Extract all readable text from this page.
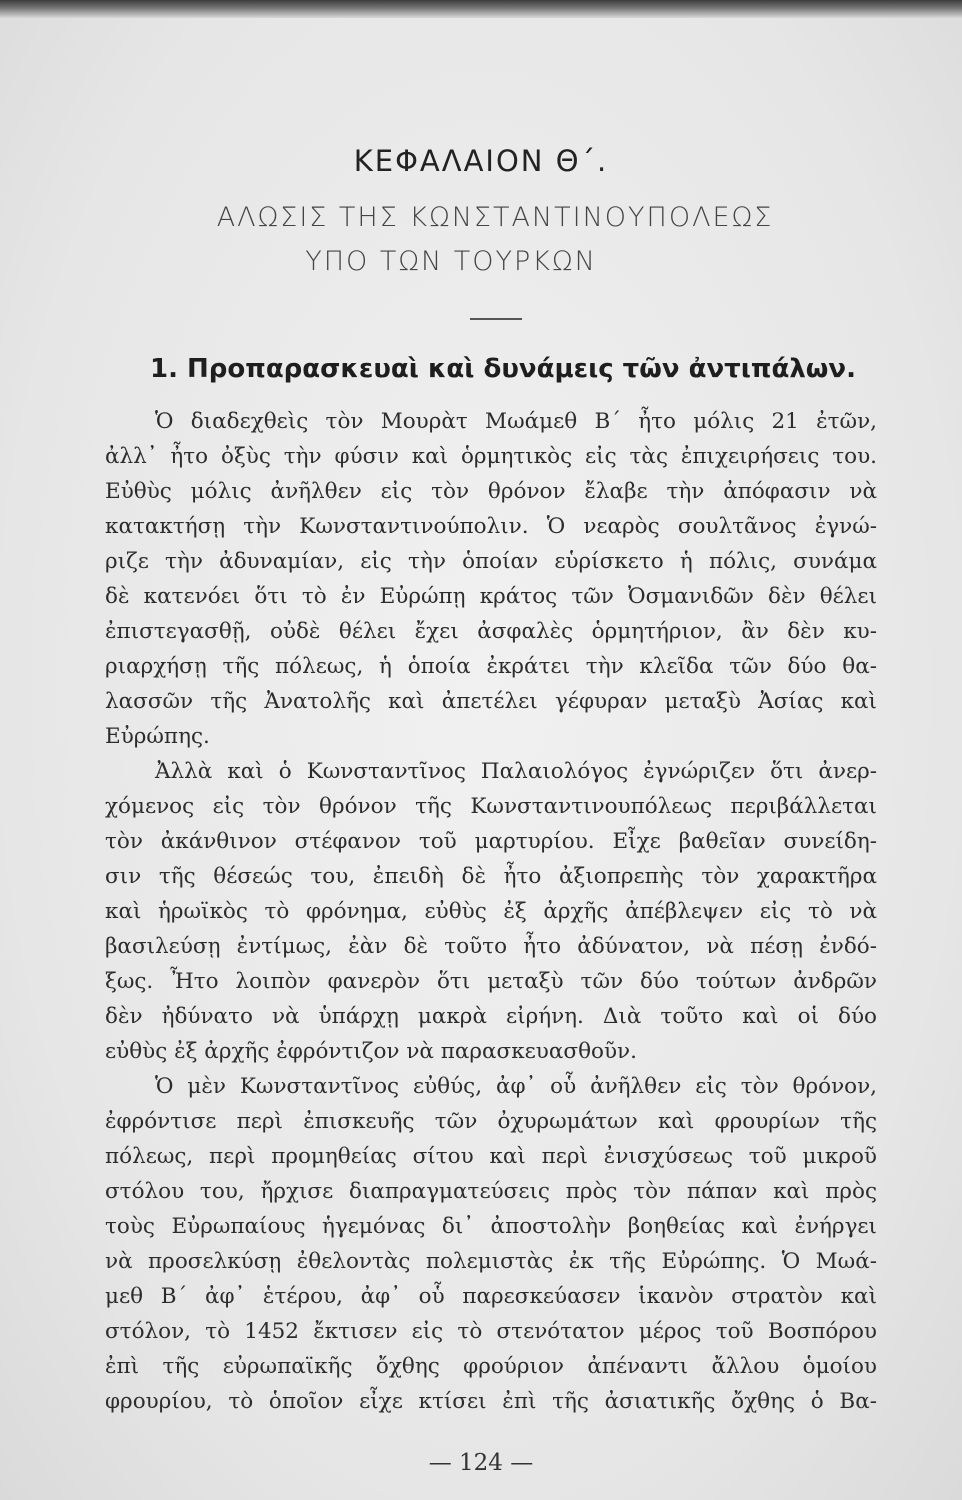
ΚΕΦΑΛΑΙΟΝ Θ΄.
ΑΛΩΣΙΣ ΤΗΣ ΚΩΝΣΤΑΝΤΙΝΟΥΠΟΛΕΩΣ
ΥΠΟ ΤΩΝ ΤΟΥΡΚΩΝ
1. Προπαρασκευαὶ καὶ δυνάμεις τῶν ἀντιπάλων.
Ὁ διαδεχθεὶς τὸν Μουρὰτ Μωάμεθ Β΄ ἦτο μόλις 21 ἐτῶν,
ἀλλ᾽ ἦτο ὀξὺς τὴν φύσιν καὶ ὁρμητικὸς εἰς τὰς ἐπιχειρήσεις του.
Εὐθὺς μόλις ἀνῆλθεν εἰς τὸν θρόνον ἔλαβε τὴν ἀπόφασιν νὰ
κατακτήσῃ τὴν Κωνσταντινούπολιν. Ὁ νεαρὸς σουλτᾶνος ἐγνώ-
ριζε τὴν ἀδυναμίαν, εἰς τὴν ὁποίαν εὑρίσκετο ἡ πόλις, συνάμα
δὲ κατενόει ὅτι τὸ ἐν Εὐρώπῃ κράτος τῶν Ὀσμανιδῶν δὲν θέλει
ἐπιστεγασθῇ, οὐδὲ θέλει ἔχει ἀσφαλὲς ὁρμητήριον, ἂν δὲν κυ-
ριαρχήσῃ τῆς πόλεως, ἡ ὁποία ἐκράτει τὴν κλεῖδα τῶν δύο θα-
λασσῶν τῆς Ἀνατολῆς καὶ ἀπετέλει γέφυραν μεταξὺ Ἀσίας καὶ
Εὐρώπης.
Ἀλλὰ καὶ ὁ Κωνσταντῖνος Παλαιολόγος ἐγνώριζεν ὅτι ἀνερ-
χόμενος εἰς τὸν θρόνον τῆς Κωνσταντινουπόλεως περιβάλλεται
τὸν ἀκάνθινον στέφανον τοῦ μαρτυρίου. Εἶχε βαθεῖαν συνείδη-
σιν τῆς θέσεώς του, ἐπειδὴ δὲ ἦτο ἀξιοπρεπὴς τὸν χαρακτῆρα
καὶ ἡρωϊκὸς τὸ φρόνημα, εὐθὺς ἐξ ἀρχῆς ἀπέβλεψεν εἰς τὸ νὰ
βασιλεύσῃ ἐντίμως, ἐὰν δὲ τοῦτο ἦτο ἀδύνατον, νὰ πέσῃ ἐνδό-
ξως. Ἦτο λοιπὸν φανερὸν ὅτι μεταξὺ τῶν δύο τούτων ἀνδρῶν
δὲν ἠδύνατο νὰ ὑπάρχῃ μακρὰ εἰρήνη. Διὰ τοῦτο καὶ οἱ δύο
εὐθὺς ἐξ ἀρχῆς ἐφρόντιζον νὰ παρασκευασθοῦν.
Ὁ μὲν Κωνσταντῖνος εὐθύς, ἀφ᾽ οὗ ἀνῆλθεν εἰς τὸν θρόνον,
ἐφρόντισε περὶ ἐπισκευῆς τῶν ὀχυρωμάτων καὶ φρουρίων τῆς
πόλεως, περὶ προμηθείας σίτου καὶ περὶ ἐνισχύσεως τοῦ μικροῦ
στόλου του, ἤρχισε διαπραγματεύσεις πρὸς τὸν πάπαν καὶ πρὸς
τοὺς Εὐρωπαίους ἡγεμόνας δι᾽ ἀποστολὴν βοηθείας καὶ ἐνήργει
νὰ προσελκύσῃ ἐθελοντὰς πολεμιστὰς ἐκ τῆς Εὐρώπης. Ὁ Μωά-
μεθ Β΄ ἀφ᾽ ἑτέρου, ἀφ᾽ οὗ παρεσκεύασεν ἱκανὸν στρατὸν καὶ
στόλον, τὸ 1452 ἔκτισεν εἰς τὸ στενότατον μέρος τοῦ Βοσπόρου
ἐπὶ τῆς εὐρωπαϊκῆς ὄχθης φρούριον ἀπέναντι ἄλλου ὁμοίου
φρουρίου, τὸ ὁποῖον εἶχε κτίσει ἐπὶ τῆς ἀσιατικῆς ὄχθης ὁ Βα-
— 124 —
